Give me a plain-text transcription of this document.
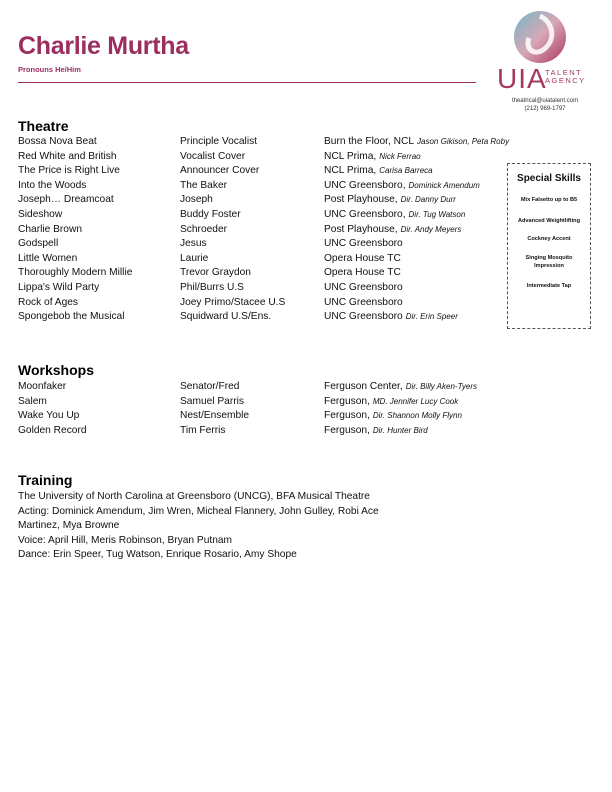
Charlie Murtha
Pronouns He/Him	UIA
TALENT
AGENCY
theatrical@uiatalent.com
(212) 969-1797
Theatre
Bossa Nova Beat	Principle Vocalist	Burn the Floor, NCL Jason Gikison, Peta Roby
Red White and British	Vocalist Cover	NCL Prima, Nick Ferrao
The Price is Right Live	Announcer Cover	NCL Prima, Carisa Barreca
Into the Woods	The Baker	UNC Greensboro, Dominick Amendum
Joseph… Dreamcoat	Joseph	Post Playhouse, Dir. Danny Durr
Sideshow	Buddy Foster	UNC Greensboro, Dir. Tug Watson
Charlie Brown	Schroeder	Post Playhouse, Dir. Andy Meyers
Godspell	Jesus	UNC Greensboro
Little Women	Laurie	Opera House TC
Thoroughly Modern Millie	Trevor Graydon	Opera House TC
Lippa's Wild Party	Phil/Burrs U.S	UNC Greensboro
Rock of Ages	Joey Primo/Stacee U.S	UNC Greensboro
Spongebob the Musical	Squidward U.S/Ens.	UNC Greensboro Dir. Erin Speer
Special Skills
Mix Falsetto up to B5
Advanced Weightlifting
Cockney Accent
Singing Mosquito Impression
Intermediate Tap
Workshops
Moonfaker	Senator/Fred	Ferguson Center, Dir. Billy Aken-Tyers
Salem	Samuel Parris	Ferguson, MD. Jennifer Lucy Cook
Wake You Up	Nest/Ensemble	Ferguson, Dir. Shannon Molly Flynn
Golden Record	Tim Ferris	Ferguson, Dir. Hunter Bird
Training
The University of North Carolina at Greensboro (UNCG), BFA Musical Theatre
Acting: Dominick Amendum, Jim Wren, Micheal Flannery, John Gulley, Robi Ace Martinez, Mya Browne
Voice: April Hill, Meris Robinson, Bryan Putnam
Dance: Erin Speer, Tug Watson, Enrique Rosario, Amy Shope
